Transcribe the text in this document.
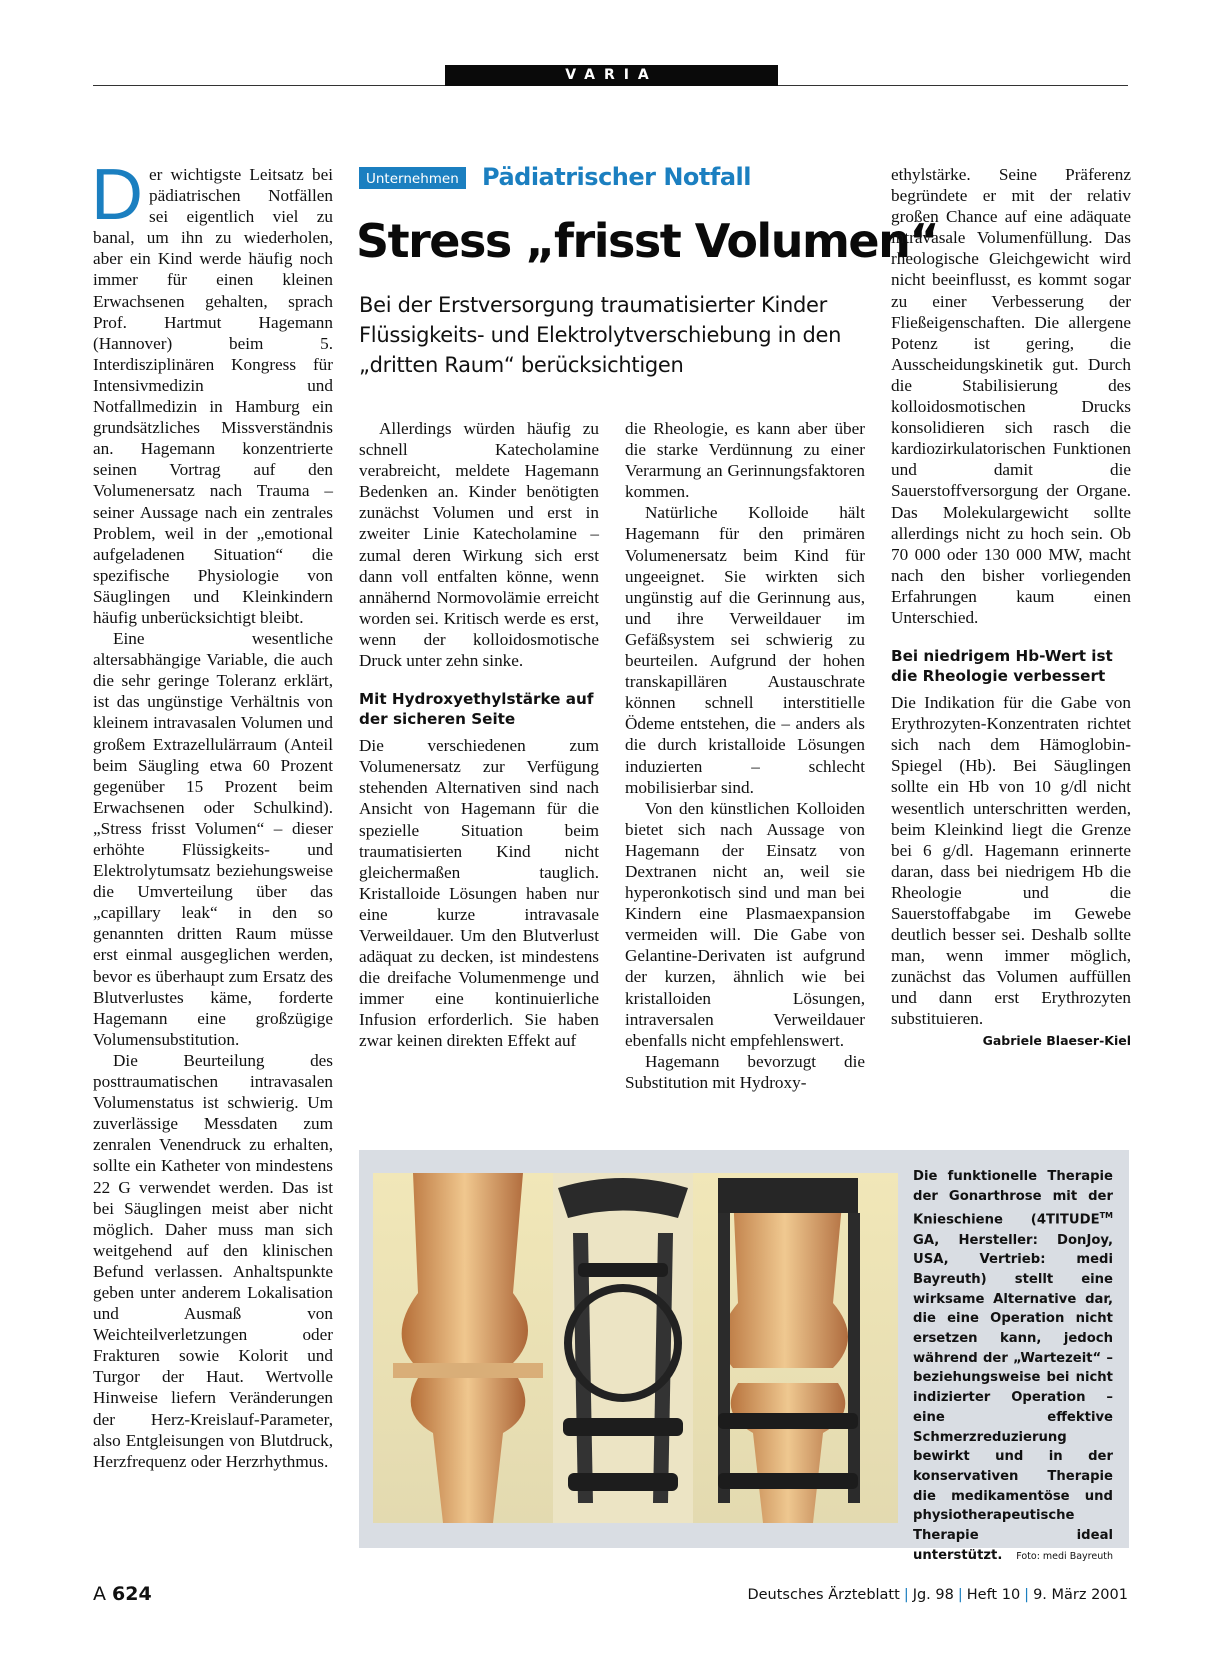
VARIA

Der wichtigste Leitsatz bei pädiatrischen Notfällen sei eigentlich viel zu banal, um ihn zu wiederholen, aber ein Kind werde häufig noch immer für einen kleinen Erwachsenen gehalten, sprach Prof. Hartmut Hagemann (Hannover) beim 5. Interdisziplinären Kongress für Intensivmedizin und Notfallmedizin in Hamburg ein grundsätzliches Missverständnis an. Hagemann konzentrierte seinen Vortrag auf den Volumenersatz nach Trauma – seiner Aussage nach ein zentrales Problem, weil in der „emotional aufgeladenen Situation“ die spezifische Physiologie von Säuglingen und Kleinkindern häufig unberücksichtigt bleibt.

Eine wesentliche altersabhängige Variable, die auch die sehr geringe Toleranz erklärt, ist das ungünstige Verhältnis von kleinem intravasalen Volumen und großem Extrazellulärraum (Anteil beim Säugling etwa 60 Prozent gegenüber 15 Prozent beim Erwachsenen oder Schulkind). „Stress frisst Volumen“ – dieser erhöhte Flüssigkeits- und Elektrolytumsatz beziehungsweise die Umverteilung über das „capillary leak“ in den so genannten dritten Raum müsse erst einmal ausgeglichen werden, bevor es überhaupt zum Ersatz des Blutverlustes käme, forderte Hagemann eine großzügige Volumensubstitution.

Die Beurteilung des posttraumatischen intravasalen Volumenstatus ist schwierig. Um zuverlässige Messdaten zum zenralen Venendruck zu erhalten, sollte ein Katheter von mindestens 22 G verwendet werden. Das ist bei Säuglingen meist aber nicht möglich. Daher muss man sich weitgehend auf den klinischen Befund verlassen. Anhaltspunkte geben unter anderem Lokalisation und Ausmaß von Weichteilverletzungen oder Frakturen sowie Kolorit und Turgor der Haut. Wertvolle Hinweise liefern Veränderungen der Herz-Kreislauf-Parameter, also Entgleisungen von Blutdruck, Herzfrequenz oder Herzrhythmus.

Unternehmen Pädiatrischer Notfall
Stress „frisst Volumen“
Bei der Erstversorgung traumatisierter Kinder Flüssigkeits- und Elektrolytverschiebung in den „dritten Raum“ berücksichtigen

Allerdings würden häufig zu schnell Katecholamine verabreicht, meldete Hagemann Bedenken an. Kinder benötigten zunächst Volumen und erst in zweiter Linie Katecholamine – zumal deren Wirkung sich erst dann voll entfalten könne, wenn annähernd Normovolämie erreicht worden sei. Kritisch werde es erst, wenn der kolloidosmotische Druck unter zehn sinke.

Mit Hydroxyethylstärke auf der sicheren Seite

Die verschiedenen zum Volumenersatz zur Verfügung stehenden Alternativen sind nach Ansicht von Hagemann für die spezielle Situation beim traumatisierten Kind nicht gleichermaßen tauglich. Kristalloide Lösungen haben nur eine kurze intravasale Verweildauer. Um den Blutverlust adäquat zu decken, ist mindestens die dreifache Volumenmenge und immer eine kontinuierliche Infusion erforderlich. Sie haben zwar keinen direkten Effekt auf

die Rheologie, es kann aber über die starke Verdünnung zu einer Verarmung an Gerinnungsfaktoren kommen.

Natürliche Kolloide hält Hagemann für den primären Volumenersatz beim Kind für ungeeignet. Sie wirkten sich ungünstig auf die Gerinnung aus, und ihre Verweildauer im Gefäßsystem sei schwierig zu beurteilen. Aufgrund der hohen transkapillären Austauschrate können schnell interstitielle Ödeme entstehen, die – anders als die durch kristalloide Lösungen induzierten – schlecht mobilisierbar sind.

Von den künstlichen Kolloiden bietet sich nach Aussage von Hagemann der Einsatz von Dextranen nicht an, weil sie hyperonkotisch sind und man bei Kindern eine Plasmaexpansion vermeiden will. Die Gabe von Gelantine-Derivaten ist aufgrund der kurzen, ähnlich wie bei kristalloiden Lösungen, intraversalen Verweildauer ebenfalls nicht empfehlenswert.

Hagemann bevorzugt die Substitution mit Hydroxy-

ethylstärke. Seine Präferenz begründete er mit der relativ großen Chance auf eine adäquate intravasale Volumenfüllung. Das rheologische Gleichgewicht wird nicht beeinflusst, es kommt sogar zu einer Verbesserung der Fließeigenschaften. Die allergene Potenz ist gering, die Ausscheidungskinetik gut. Durch die Stabilisierung des kolloidosmotischen Drucks konsolidieren sich rasch die kardiozirkulatorischen Funktionen und damit die Sauerstoffversorgung der Organe. Das Molekulargewicht sollte allerdings nicht zu hoch sein. Ob 70 000 oder 130 000 MW, macht nach den bisher vorliegenden Erfahrungen kaum einen Unterschied.

Bei niedrigem Hb-Wert ist die Rheologie verbessert

Die Indikation für die Gabe von Erythrozyten-Konzentraten richtet sich nach dem Hämoglobin-Spiegel (Hb). Bei Säuglingen sollte ein Hb von 10 g/dl nicht wesentlich unterschritten werden, beim Kleinkind liegt die Grenze bei 6 g/dl. Hagemann erinnerte daran, dass bei niedrigem Hb die Rheologie und die Sauerstoffabgabe im Gewebe deutlich besser sei. Deshalb sollte man, wenn immer möglich, zunächst das Volumen auffüllen und dann erst Erythrozyten substituieren.
Gabriele Blaeser-Kiel

Die funktionelle Therapie der Gonarthrose mit der Knieschiene (4TITUDE™ GA, Hersteller: DonJoy, USA, Vertrieb: medi Bayreuth) stellt eine wirksame Alternative dar, die eine Operation nicht ersetzen kann, jedoch während der „Wartezeit“ – beziehungsweise bei nicht indizierter Operation – eine effektive Schmerzreduzierung bewirkt und in der konservativen Therapie die medikamentöse und physiotherapeutische Therapie ideal unterstützt. Foto: medi Bayreuth
A 624	Deutsches Ärzteblatt | Jg. 98 | Heft 10 | 9. März 2001
